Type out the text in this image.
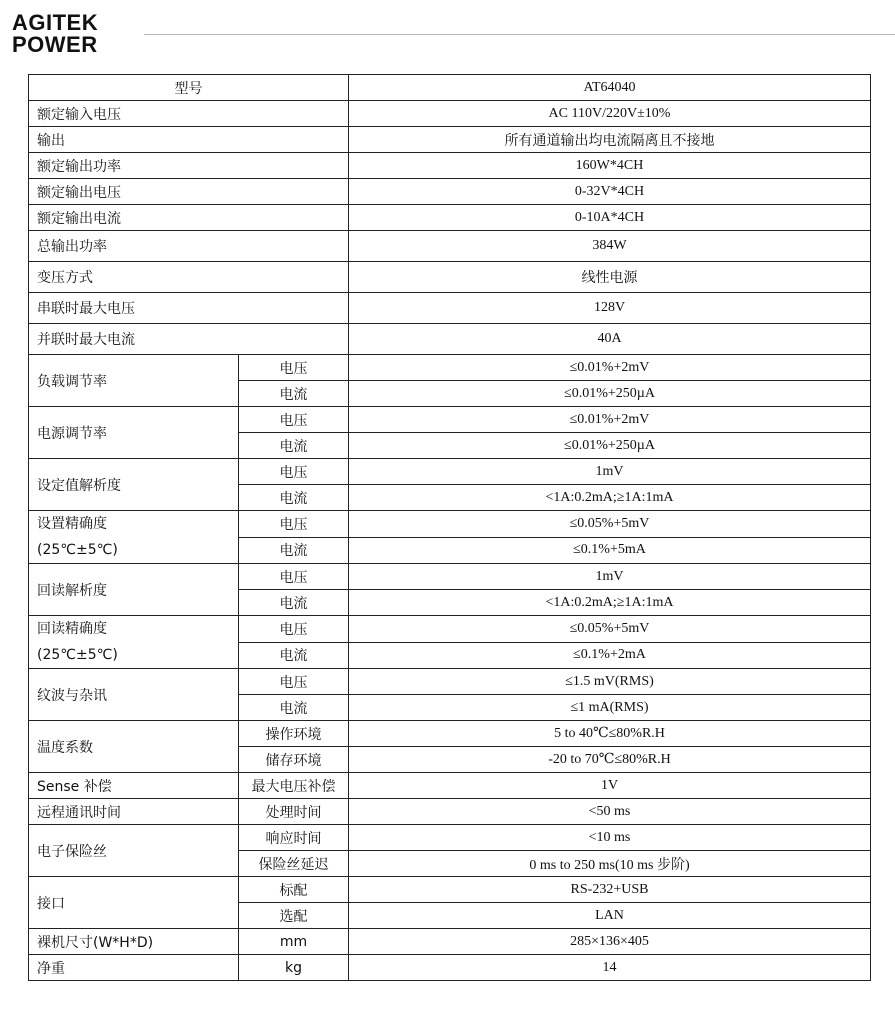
AGITEK
POWER
型号		AT64040
额定输入电压		AC 110V/220V±10%
输出		所有通道输出均电流隔离且不接地
额定输出功率		160W*4CH
额定输出电压		0-32V*4CH
额定输出电流		0-10A*4CH
总输出功率		384W
变压方式		线性电源
串联时最大电压		128V
并联时最大电流		40A
负载调节率	电压	≤0.01%+2mV
	电流	≤0.01%+250µA
电源调节率	电压	≤0.01%+2mV
	电流	≤0.01%+250µA
设定值解析度	电压	1mV
	电流	<1A:0.2mA;≥1A:1mA
设置精确度
(25℃±5℃)	电压	≤0.05%+5mV
	电流	≤0.1%+5mA
回读解析度	电压	1mV
	电流	<1A:0.2mA;≥1A:1mA
回读精确度
(25℃±5℃)	电压	≤0.05%+5mV
	电流	≤0.1%+2mA
纹波与杂讯	电压	≤1.5 mV(RMS)
	电流	≤1 mA(RMS)
温度系数	操作环境	5 to 40℃≤80%R.H
	储存环境	-20 to 70℃≤80%R.H
Sense 补偿	最大电压补偿	1V
远程通讯时间	处理时间	<50 ms
电子保险丝	响应时间	<10 ms
	保险丝延迟	0 ms to 250 ms(10 ms 步阶)
接口	标配	RS-232+USB
	选配	LAN
裸机尺寸(W*H*D)	mm	285×136×405
净重	kg	14
